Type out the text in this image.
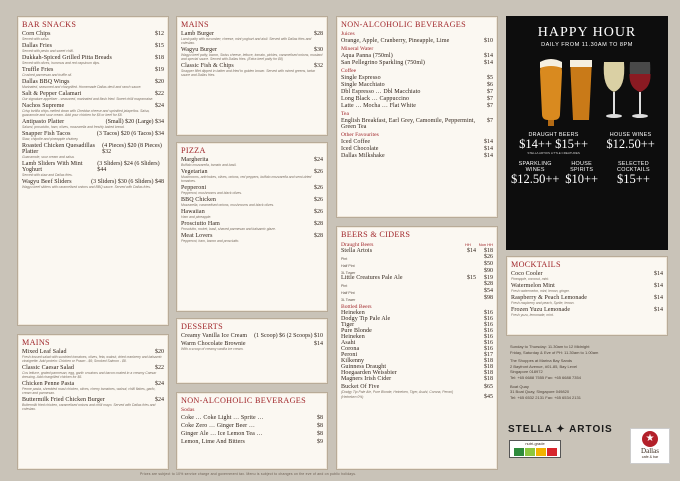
BAR SNACKS
Corn Chips	$12
Served with salsa.
Dallas Fries	$15
Served with pesto and sweet chilli.
Dukkah-Spiced Grilled Pitta Breads	$18
Served with olives, hummus and red capsicum dips.
Truffle Fries	$19
Crushed parmesan and truffle oil.
Dallas BBQ Wings	$20
Marinated, seasoned and chargrilled. Homemade Dallas devil and ranch sauce.
Salt & Pepper Calamari	$22
Our signature appetiser - seasoned, marinated and flash fried. Sweet chilli mayonnaise.
Nachos Supreme	$24
Crisp tortilla chips melted down with Cheddar cheese and sprinkled jalapeños. Salsa, guacamole and sour cream. Add your chicken for $6 or beef for $8.
Antipasto Platter	(Small) $20 (Large) $34
Salami, prosciutto, ham, olives, mozzarella and freshly baked bread.
Snapper Fish Tacos	(3 Tacos) $20 (6 Tacos) $34
Slaw, chipotle and pineapple chutney.
Roasted Chicken Quesadillas Platter
(4 Pieces) $20 (8 Pieces) $32
Guacamole, sour cream and salsa.
Lamb Sliders With Mint Yoghurt
(3 Sliders) $24 (6 Sliders) $44
Served with slaw and Dallas fries.
Wagyu Beef Sliders	(3 Sliders) $30 (6 Sliders) $48
Wagyu beef sliders with caramelised onions and BBQ sauce. Served with Dallas fries.
MAINS
Mixed Leaf Salad	$20
Fresh tossed salad with sundried tomatoes, olives, feta, walnut, dried cranberry and balsamic vinaigrette. Add protein: Chicken or Prawn - $6; Smoked Salmon - $8.
Classic Caesar Salad	$22
Cos lettuce, grated parmesan, egg, garlic croutons and bacon coated in a creamy Caesar dressing. Add chargrilled chicken for $6.
Chicken Penne Pasta	$24
Penne pasta, shredded roast chicken, olives, cherry tomatoes, walnut, chilli flakes, garlic, cream and parmesan.
Buttermilk Fried Chicken Burger	$24
Buttermilk fried chicken, caramelised onions and chilli mayo. Served with Dallas fries and coleslaw.
MAINS
Lamb Burger	$28
Lamb patty with cucumber, cheese, mint yoghurt and aioli. Served with Dallas fries and coleslaw.
Wagyu Burger	$30
Wagyu beef patty, bacon, Swiss cheese, lettuce, tomato, pickles, caramelised onions, mustard and special sauce. Served with Dallas fries. (Extra beef patty for $8)
Classic Fish & Chips	$32
Snapper fillet dipped in batter and fried to golden brown. Served with mixed greens, tartar sauce and Dallas fries.
PIZZA
Margherita	$24
Buffalo mozzarella, tomato and basil.
Vegetarian	$26
Mushrooms, artichokes, olives, onions, red peppers, buffalo mozzarella and semi-dried tomatoes.
Pepperoni	$26
Pepperoni, mushrooms and black olives.
BBQ Chicken	$26
Mozzarella, caramelised onions, mushrooms and black olives.
Hawaiian	$26
Ham and pineapple.
Prosciutto Ham	$28
Prosciutto, rocket, basil, shaved parmesan and balsamic glaze.
Meat Lovers	$28
Pepperoni, ham, bacon and prosciutto.
DESSERTS
Creamy Vanilla Ice Cream (1 Scoop) $6 (2 Scoops) $10
Warm Chocolate Brownie	$14
With a scoop of creamy vanilla ice cream.
NON-ALCOHOLIC BEVERAGES
Sodas
Coke … Coke Light … Sprite …	$8
Coke Zero … Ginger Beer …	$8
Ginger Ale … Ice Lemon Tea …	$8
Lemon, Lime And Bitters	$9
NON-ALCOHOLIC BEVERAGES
Juices
Orange, Apple, Cranberry, Pineapple, Lime	$10
Mineral Water
Aqua Panna (750ml)	$14
San Pellegrino Sparkling (750ml)	$14
Coffee
Single Espresso	$5
Single Macchiato	$6
Dbl Espresso … Dbl Macchiato	$7
Long Black … Cappuccino	$7
Latte … Mocha … Flat White	$7
Tea
English Breakfast, Earl Grey, Camomile, Peppermint, Green Tea
$7
Other Favourites
Iced Coffee	$14
Iced Chocolate	$14
Dallas Milkshake	$14
BEERS & CIDERS
Draught Beers	HH Non HH
Stella Artois	$14 $18
Pint	$26
Half Pint	$50
3L Tower	$90
Little Creatures Pale Ale	$15 $19
Pint	$28
Half Pint	$54
3L Tower	$98
Bottled Beers
Heineken	$16
Dodgy Tip Pale Ale	$16
Tiger	$16
Pure Blonde	$16
Heineken	$16
Asahi	$16
Corona	$16
Peroni	$17
Kilkenny	$18
Guinness Draught	$18
Hoegaarden Weissbier	$18
Magners Irish Cider	$18
Bucket Of Five	$65
(Dodgy Tip Pale Ale, Pure Blonde, Heineken, Tiger, Asahi, Corona, Peroni)
(Heineken 0%)	$45
HAPPY HOUR
DAILY FROM 11.30AM TO 8PM
DRAUGHT BEERS
$14++ $15++
STELLA ARTOIS LITTLE CREATURES
HOUSE WINES
$12.50++
SPARKLING WINES
$12.50++
HOUSE SPIRITS
$10++
SELECTED COCKTAILS
$15++
MOCKTAILS
Coco Cooler	$14
Pineapple, coconut, mint.
Watermelon Mint	$14
Fresh watermelon, mint, lemon, ginger.
Raspberry & Peach Lemonade	$14
Fresh raspberry and peach, Sprite, lemon.
Frozen Yuzu Lemonade	$14
Fresh yuzu, lemonade, mint.
Sunday to Thursday: 11.30am to 12 Midnight
Friday, Saturday & Eve of PH: 11.30am to 1.00am
The Shoppes at Marina Bay Sands
2 Bayfront Avenue, #01-85, Bay Level
Singapore 018972
Tel: +65 6688 7555 Fax: +65 6688 7354
Boat Quay
31 Boat Quay, Singapore 049820
Tel: +65 6532 2131 Fax: +65 6534 2131
STELLA ✦ ARTOIS
nutri-grade	★
Dallas
cafe & bar
Prices are subject to 10% service charge and government tax. Menu is subject to changes on the eve of and on public holidays.
